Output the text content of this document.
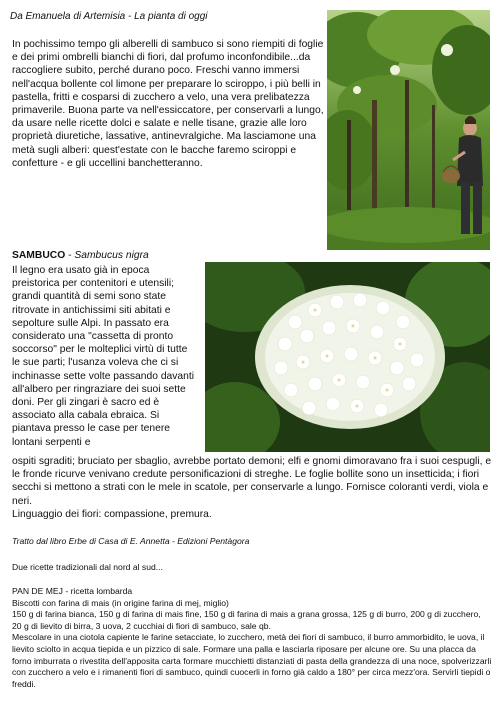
Da Emanuela di Artemisia - La pianta di oggi

In pochissimo tempo gli alberelli di sambuco si sono riempiti di foglie e dei primi ombrelli bianchi di fiori, dal profumo inconfondibile...da raccogliere subito, perché durano poco. Freschi vanno immersi nell'acqua bollente col limone per preparare lo sciroppo, i più belli in pastella, fritti e cosparsi di zucchero a velo, una vera prelibatezza primaverile. Buona parte va nell'essiccatore, per conservarli a lungo, da usare nelle ricette dolci e salate e nelle tisane, grazie alle loro proprietà diuretiche, lassative, antinevralgiche. Ma lasciamone una metà sugli alberi: quest'estate con le bacche faremo sciroppi e confetture - e gli uccellini banchetteranno.

SAMBUCO - Sambucus nigra

Il legno era usato già in epoca preistorica per contenitori e utensili; grandi quantità di semi sono state ritrovate in antichissimi siti abitati e sepolture sulle Alpi. In passato era considerato una "cassetta di pronto soccorso" per le molteplici virtù di tutte le sue parti; l'usanza voleva che ci si inchinasse sette volte passando davanti all'albero per ringraziare dei suoi sette doni. Per gli zingari è sacro ed è associato alla cabala ebraica. Si piantava presso le case per tenere lontani serpenti e

ospiti sgraditi; bruciato per sbaglio, avrebbe portato demoni; elfi e gnomi dimoravano fra i suoi cespugli, e le fronde ricurve venivano credute personificazioni di streghe. Le foglie bollite sono un insetticida; i fiori secchi si mettono a strati con le mele in scatole, per conservarle a lungo. Fornisce coloranti verdi, viola e neri.

Linguaggio dei fiori: compassione, premura.

Tratto dal libro Erbe di Casa di E. Annetta - Edizioni Pentàgora
Due ricette tradizionali dal nord al sud...
PAN DE MEJ - ricetta lombarda
Biscotti con farina di mais (in origine farina di mej, miglio)
150 g di farina bianca, 150 g di farina di mais fine, 150 g di farina di mais a grana grossa, 125 g di burro, 200 g di zucchero, 20 g di lievito di birra, 3 uova, 2 cucchiai di fiori di sambuco, sale qb.
Mescolare in una ciotola capiente le farine setacciate, lo zucchero, metà dei fiori di sambuco, il burro ammorbidito, le uova, il lievito sciolto in acqua tiepida e un pizzico di sale. Formare una palla e lasciarla riposare per alcune ore. Su una placca da forno imburrata o rivestita dell'apposita carta formare mucchietti distanziati di pasta della grandezza di una noce, spolverizzarli con zucchero a velo e i rimanenti fiori di sambuco, quindi cuocerli in forno già caldo a 180° per circa mezz'ora. Servirli tiepidi o freddi.
